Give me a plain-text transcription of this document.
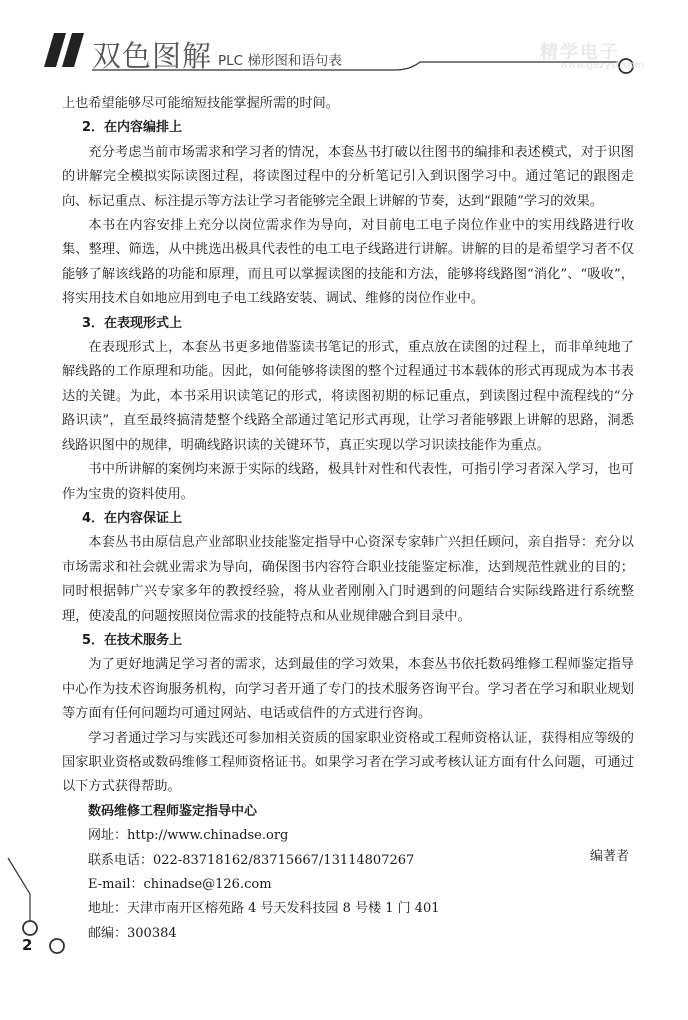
双色图解 PLC 梯形图和语句表	精学电子
www.gezyst.com

上也希望能够尽可能缩短技能掌握所需的时间。

2．在内容编排上

充分考虑当前市场需求和学习者的情况，本套丛书打破以往图书的编排和表述模式，对于识图的讲解完全模拟实际读图过程，将读图过程中的分析笔记引入到识图学习中。通过笔记的跟图走向、标记重点、标注提示等方法让学习者能够完全跟上讲解的节奏，达到“跟随”学习的效果。

本书在内容安排上充分以岗位需求作为导向，对目前电工电子岗位作业中的实用线路进行收集、整理、筛选，从中挑选出极具代表性的电工电子线路进行讲解。讲解的目的是希望学习者不仅能够了解该线路的功能和原理，而且可以掌握读图的技能和方法，能够将线路图“消化”、“吸收”，将实用技术自如地应用到电子电工线路安装、调试、维修的岗位作业中。

3．在表现形式上

在表现形式上，本套丛书更多地借鉴读书笔记的形式，重点放在读图的过程上，而非单纯地了解线路的工作原理和功能。因此，如何能够将读图的整个过程通过书本载体的形式再现成为本书表达的关键。为此，本书采用识读笔记的形式，将读图初期的标记重点，到读图过程中流程线的“分路识读”，直至最终搞清楚整个线路全部通过笔记形式再现，让学习者能够跟上讲解的思路，洞悉线路识图中的规律，明确线路识读的关键环节，真正实现以学习识读技能作为重点。

书中所讲解的案例均来源于实际的线路，极具针对性和代表性，可指引学习者深入学习，也可作为宝贵的资料使用。

4．在内容保证上

本套丛书由原信息产业部职业技能鉴定指导中心资深专家韩广兴担任顾问，亲自指导：充分以市场需求和社会就业需求为导向，确保图书内容符合职业技能鉴定标准，达到规范性就业的目的；同时根据韩广兴专家多年的教授经验，将从业者刚刚入门时遇到的问题结合实际线路进行系统整理，使凌乱的问题按照岗位需求的技能特点和从业规律融合到目录中。

5．在技术服务上

为了更好地满足学习者的需求，达到最佳的学习效果，本套丛书依托数码维修工程师鉴定指导中心作为技术咨询服务机构，向学习者开通了专门的技术服务咨询平台。学习者在学习和职业规划等方面有任何问题均可通过网站、电话或信件的方式进行咨询。

学习者通过学习与实践还可参加相关资质的国家职业资格或工程师资格认证，获得相应等级的国家职业资格或数码维修工程师资格证书。如果学习者在学习或考核认证方面有什么问题，可通过以下方式获得帮助。

数码维修工程师鉴定指导中心
网址：http://www.chinadse.org
联系电话：022-83718162/83715667/13114807267
E-mail：chinadse@126.com
地址：天津市南开区榕苑路 4 号天发科技园 8 号楼 1 门 401
邮编：300384
编著者
2
